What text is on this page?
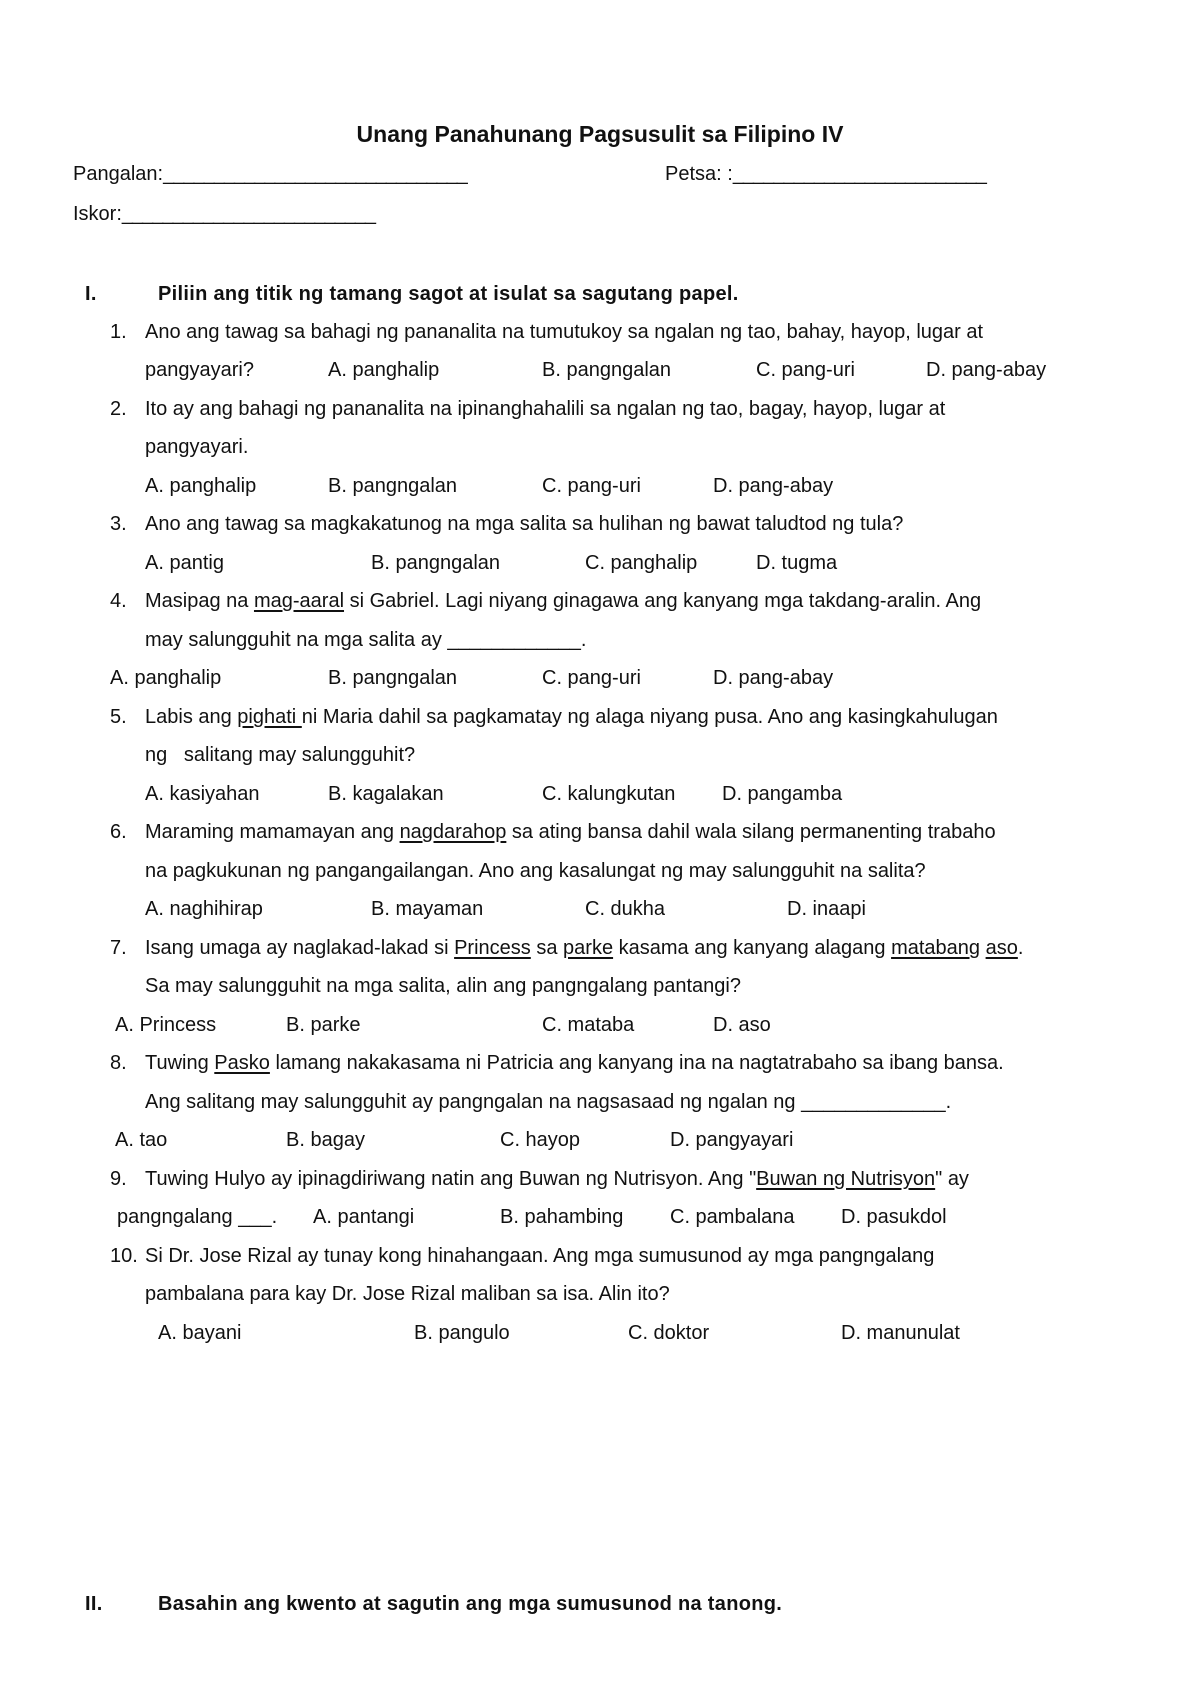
Unang Panahunang Pagsusulit sa Filipino IV
Pangalan:______________________________	Petsa: :_________________________
Iskor:_________________________
I.	Piliin ang titik ng tamang sagot at isulat sa sagutang papel.
1. Ano ang tawag sa bahagi ng pananalita na tumutukoy sa ngalan ng tao, bahay, hayop, lugar at
pangyayari?	A. panghalip	B. pangngalan	C. pang-uri	D. pang-abay
2. Ito ay ang bahagi ng pananalita na ipinanghahalili sa ngalan ng tao, bagay, hayop, lugar at
pangyayari.
A. panghalip	B. pangngalan	C. pang-uri	D. pang-abay
3. Ano ang tawag sa magkakatunog na mga salita sa hulihan ng bawat taludtod ng tula?
A. pantig	B. pangngalan	C. panghalip	D. tugma
4. Masipag na mag-aaral si Gabriel. Lagi niyang ginagawa ang kanyang mga takdang-aralin. Ang
may salungguhit na mga salita ay ____________.
A. panghalip	B. pangngalan	C. pang-uri	D. pang-abay
5. Labis ang pighati ni Maria dahil sa pagkamatay ng alaga niyang pusa. Ano ang kasingkahulugan
ng   salitang may salungguhit?
A. kasiyahan	B. kagalakan	C. kalungkutan D. pangamba
6. Maraming mamamayan ang nagdarahop sa ating bansa dahil wala silang permanenting trabaho
na pagkukunan ng pangangailangan. Ano ang kasalungat ng may salungguhit na salita?
A. naghihirap	B. mayaman	C. dukha	D. inaapi
7. Isang umaga ay naglakad-lakad si Princess sa parke kasama ang kanyang alagang matabang aso.
Sa may salungguhit na mga salita, alin ang pangngalang pantangi?
A. Princess	B. parke	C. mataba	D. aso
8. Tuwing Pasko lamang nakakasama ni Patricia ang kanyang ina na nagtatrabaho sa ibang bansa.
Ang salitang may salungguhit ay pangngalan na nagsasaad ng ngalan ng _____________.
A. tao	B. bagay	C. hayop	D. pangyayari
9. Tuwing Hulyo ay ipinagdiriwang natin ang Buwan ng Nutrisyon. Ang "Buwan ng Nutrisyon" ay
pangngalang ___. A. pantangi	B. pahambing C. pambalana D. pasukdol
10. Si Dr. Jose Rizal ay tunay kong hinahangaan. Ang mga sumusunod ay mga pangngalang
pambalana para kay Dr. Jose Rizal maliban sa isa. Alin ito?
A. bayani	B. pangulo	C. doktor	D. manunulat
II.	Basahin ang kwento at sagutin ang mga sumusunod na tanong.
